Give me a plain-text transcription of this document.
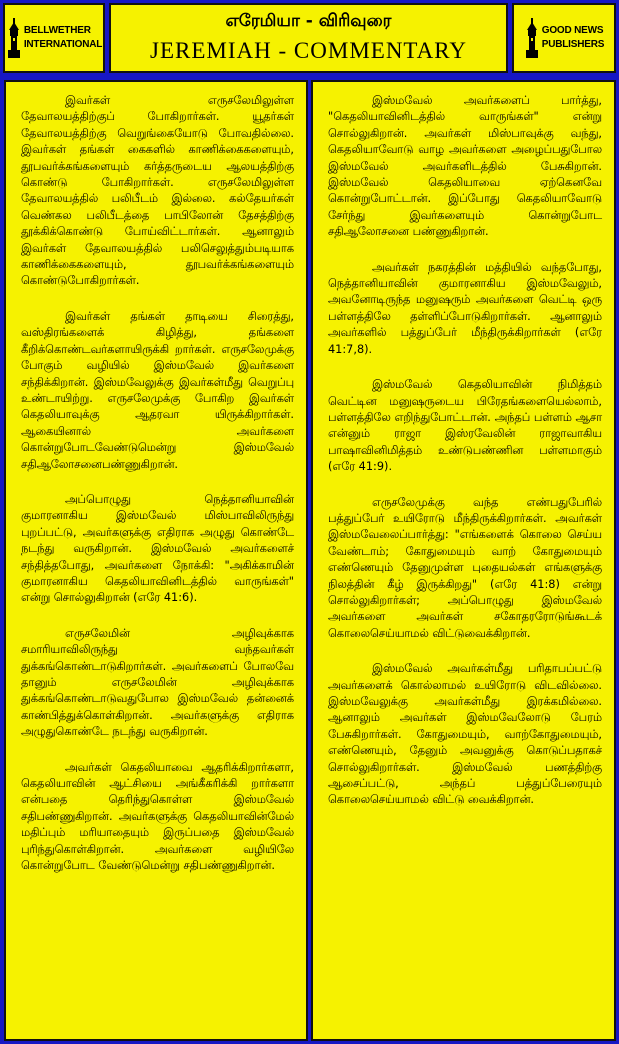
BELLWETHER
INTERNATIONAL
எரேமியா - விரிவுரை
JEREMIAH - COMMENTARY
GOOD NEWS
PUBLISHERS

இவர்கள் எருசலேமிலுள்ள தேவாலயத்திற்குப் போகிறார்கள். யூதர்கள் தேவாலயத்திற்கு வெறுங்கையோடு போவதில்லை. இவர்கள் தங்கள் கைகளில் காணிக்கைகளையும், தூபவர்க்கங்களையும் கர்த்தருடைய ஆலயத்திற்கு கொண்டு போகிறார்கள். எருசலேமிலுள்ள தேவாலயத்தில் பலிபீடம் இல்லை. கல்தேயர்கள் வெண்கல பலிபீடத்தை பாபிலோன் தேசத்திற்கு தூக்கிக்கொண்டு போய்விட்டார்கள். ஆனாலும் இவர்கள் தேவாலயத்தில் பலிசெலுத்தும்படியாக காணிக்கைகளையும், தூபவர்க்கங்களையும் கொண்டுபோகிறார்கள்.

இவர்கள் தங்கள் தாடியை சிரைத்து, வஸ்திரங்களைக் கிழித்து, தங்களை கீறிக்கொண்டவர்களாயிருக்கி றார்கள். எருசலேமுக்கு போகும் வழியில் இஸ்மவேல் இவர்களை சந்திக்கிறான். இஸ்மவேலுக்கு இவர்கள்மீது வெறுப்பு உண்டாயிற்று. எருசலேமுக்கு போகிற இவர்கள் கெதலியாவுக்கு ஆதரவா யிருக்கிறார்கள். ஆகையினால் அவர்களை கொன்றுபோடவேண்டுமென்று இஸ்மவேல் சதிஆலோசனைபண்ணுகிறான்.

அப்பொழுது நெத்தானியாவின் குமாரனாகிய இஸ்மவேல் மிஸ்பாவிலிருந்து புறப்பட்டு, அவர்களுக்கு எதிராக அழுது கொண்டே நடந்து வருகிறான். இஸ்மவேல் அவர்களைச் சந்தித்தபோது, அவர்களை நோக்கி: "அகிக்காமின் குமாரனாகிய கெதலியாவினிடத்தில் வாருங்கள்" என்று சொல்லுகிறான் (எரே 41:6).

எருசலேமின் அழிவுக்காக சமாரியாவிலிருந்து வந்தவர்கள் துக்கங்கொண்டாடுகிறார்கள். அவர்களைப் போலவே தானும் எருசலேமின் அழிவுக்காக துக்கங்கொண்டாடுவதுபோல இஸ்மவேல் தன்னைக் காண்பித்துக்கொள்கிறான். அவர்களுக்கு எதிராக அழுதுகொண்டே நடந்து வருகிறான்.

அவர்கள் கெதலியாவை ஆதரிக்கிறார்களா, கெதலியாவின் ஆட்சியை அங்கீகரிக்கி றார்களா என்பதை தெரிந்துகொள்ள இஸ்மவேல் சதிபண்ணுகிறான். அவர்களுக்கு கெதலியாவின்மேல் மதிப்பும் மரியாதையும் இருப்பதை இஸ்மவேல் புரிந்துகொள்கிறான். அவர்களை வழியிலே கொன்றுபோட வேண்டுமென்று சதிபண்ணுகிறான்.

இஸ்மவேல் அவர்களைப் பார்த்து, "கெதலியாவினிடத்தில் வாருங்கள்" என்று சொல்லுகிறான். அவர்கள் மிஸ்பாவுக்கு வந்து, கெதலியாவோடு வாழ அவர்களை அழைப்பதுபோல இஸ்மவேல் அவர்களிடத்தில் பேசுகிறான். இஸ்மவேல் கெதலியாவை ஏற்கெனவே கொன்றுபோட்டான். இப்போது கெதலியாவோடு சேர்ந்து இவர்களையும் கொன்றுபோட சதிஆலோசனை பண்ணுகிறான்.

அவர்கள் நகரத்தின் மத்தியில் வந்தபோது, நெத்தானியாவின் குமாரனாகிய இஸ்மவேலும், அவனோடிருந்த மனுஷரும் அவர்களை வெட்டி ஒரு பள்ளத்திலே தள்ளிப்போடுகிறார்கள். ஆனாலும் அவர்களில் பத்துப்பேர் மீந்திருக்கிறார்கள் (எரே 41:7,8).

இஸ்மவேல் கெதலியாவின் நிமித்தம் வெட்டின மனுஷருடைய பிரேதங்களையெல்லாம், பள்ளத்திலே எறிந்துபோட்டான். அந்தப் பள்ளம் ஆசா என்னும் ராஜா இஸ்ரவேலின் ராஜாவாகிய பாஷாவினிமித்தம் உண்டுபண்ணின பள்ளமாகும் (எரே 41:9).

எருசலேமுக்கு வந்த எண்பதுபேரில் பத்துப்பேர் உயிரோடு மீந்திருக்கிறார்கள். அவர்கள் இஸ்மவேலைப்பார்த்து: "எங்களைக் கொலை செய்ய வேண்டாம்; கோதுமையும் வாற் கோதுமையும் எண்ணெயும் தேனுமுள்ள புதையல்கள் எங்களுக்கு நிலத்தின் கீழ் இருக்கிறது" (எரே 41:8) என்று சொல்லுகிறார்கள்; அப்பொழுது இஸ்மவேல் அவர்களை அவர்கள் சகோதரரோடுங்கூடக் கொலைசெய்யாமல் விட்டுவைக்கிறான்.

இஸ்மவேல் அவர்கள்மீது பரிதாபப்பட்டு அவர்களைக் கொல்லாமல் உயிரோடு விடவில்லை. இஸ்மவேலுக்கு அவர்கள்மீது இரக்கமில்லை. ஆனாலும் அவர்கள் இஸ்மவேலோடு பேரம் பேசுகிறார்கள். கோதுமையும், வாற்கோதுமையும், எண்ணெயும், தேனும் அவனுக்கு கொடுப்பதாகச் சொல்லுகிறார்கள். இஸ்மவேல் பணத்திற்கு ஆசைப்பட்டு, அந்தப் பத்துப்பேரையும் கொலைசெய்யாமல் விட்டு வைக்கிறான்.
